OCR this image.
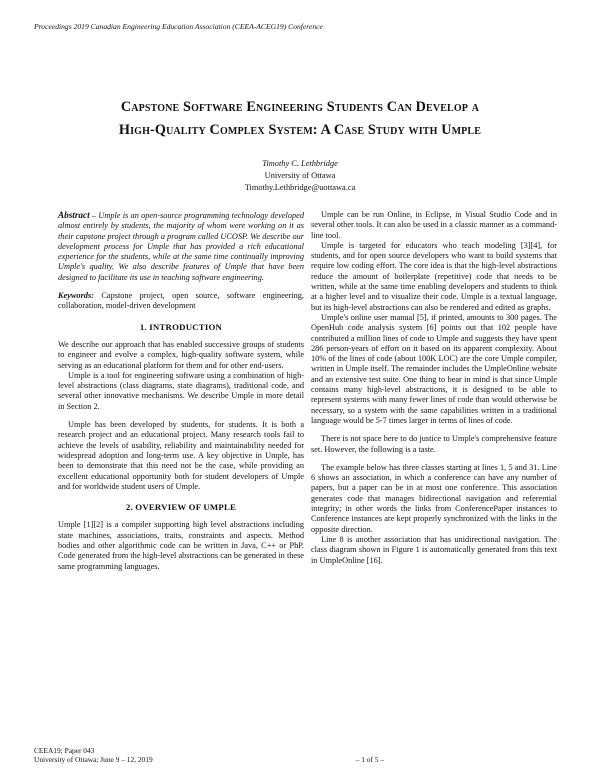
Proceedings 2019 Canadian Engineering Education Association (CEEA-ACEG19) Conference
Capstone Software Engineering Students Can Develop a
High-Quality Complex System: A Case Study with Umple
Timothy C. Lethbridge
University of Ottawa
Timothy.Lethbridge@uottawa.ca

Abstract – Umple is an open-source programming technology developed almost entirely by students, the majority of whom were working on it as their capstone project through a program called UCOSP. We describe our development process for Umple that has provided a rich educational experience for the students, while at the same time continually improving Umple's quality. We also describe features of Umple that have been designed to facilitate its use in teaching software engineering.

Keywords: Capstone project, open source, software engineering, collaboration, model-driven development

1. INTRODUCTION

We describe our approach that has enabled successive groups of students to engineer and evolve a complex, high-quality software system, while serving as an educational platform for them and for other end-users.

Umple is a tool for engineering software using a combination of high-level abstractions (class diagrams, state diagrams), traditional code, and several other innovative mechanisms. We describe Umple in more detail in Section 2.

Umple has been developed by students, for students. It is both a research project and an educational project. Many research tools fail to achieve the levels of usability, reliability and maintainability needed for widespread adoption and long-term use. A key objective in Umple, has been to demonstrate that this need not be the case, while providing an excellent educational opportunity both for student developers of Umple and for worldwide student users of Umple.

2. OVERVIEW OF UMPLE

Umple [1][2] is a compiler supporting high level abstractions including state machines, associations, traits, constraints and aspects. Method bodies and other algorithmic code can be written in Java, C++ or PhP. Code generated from the high-level abstractions can be generated in these same programming languages.

Umple can be run Online, in Eclipse, in Visual Studio Code and in several other tools. It can also be used in a classic manner as a command-line tool.

Umple is targeted for educators who teach modeling [3][4], for students, and for open source developers who want to build systems that require low coding effort. The core idea is that the high-level abstractions reduce the amount of boilerplate (repetitive) code that needs to be written, while at the same time enabling developers and students to think at a higher level and to visualize their code. Umple is a textual language, but its high-level abstractions can also be rendered and edited as graphs.

Umple's online user manual [5], if printed, amounts to 300 pages. The OpenHub code analysis system [6] points out that 102 people have contributed a million lines of code to Umple and suggests they have spent 286 person-years of effort on it based on its apparent complexity. About 10% of the lines of code (about 100K LOC) are the core Umple compiler, written in Umple itself. The remainder includes the UmpleOnline website and an extensive test suite. One thing to bear in mind is that since Umple contains many high-level abstractions, it is designed to be able to represent systems with many fewer lines of code than would otherwise be necessary, so a system with the same capabilities written in a traditional language would be 5-7 times larger in terms of lines of code.

There is not space here to do justice to Umple's comprehensive feature set. However, the following is a taste.

The example below has three classes starting at lines 1, 5 and 31. Line 6 shows an association, in which a conference can have any number of papers, but a paper can be in at most one conference. This association generates code that manages bidirectional navigation and referential integrity; in other words the links from ConferencePaper instances to Conference instances are kept properly synchronized with the links in the opposite direction.

Line 8 is another association that has unidirectional navigation. The class diagram shown in Figure 1 is automatically generated from this text in UmpleOnline [16].

CEEA19; Paper 043
University of Ottawa; June 9 – 12, 2019	– 1 of 5 –
